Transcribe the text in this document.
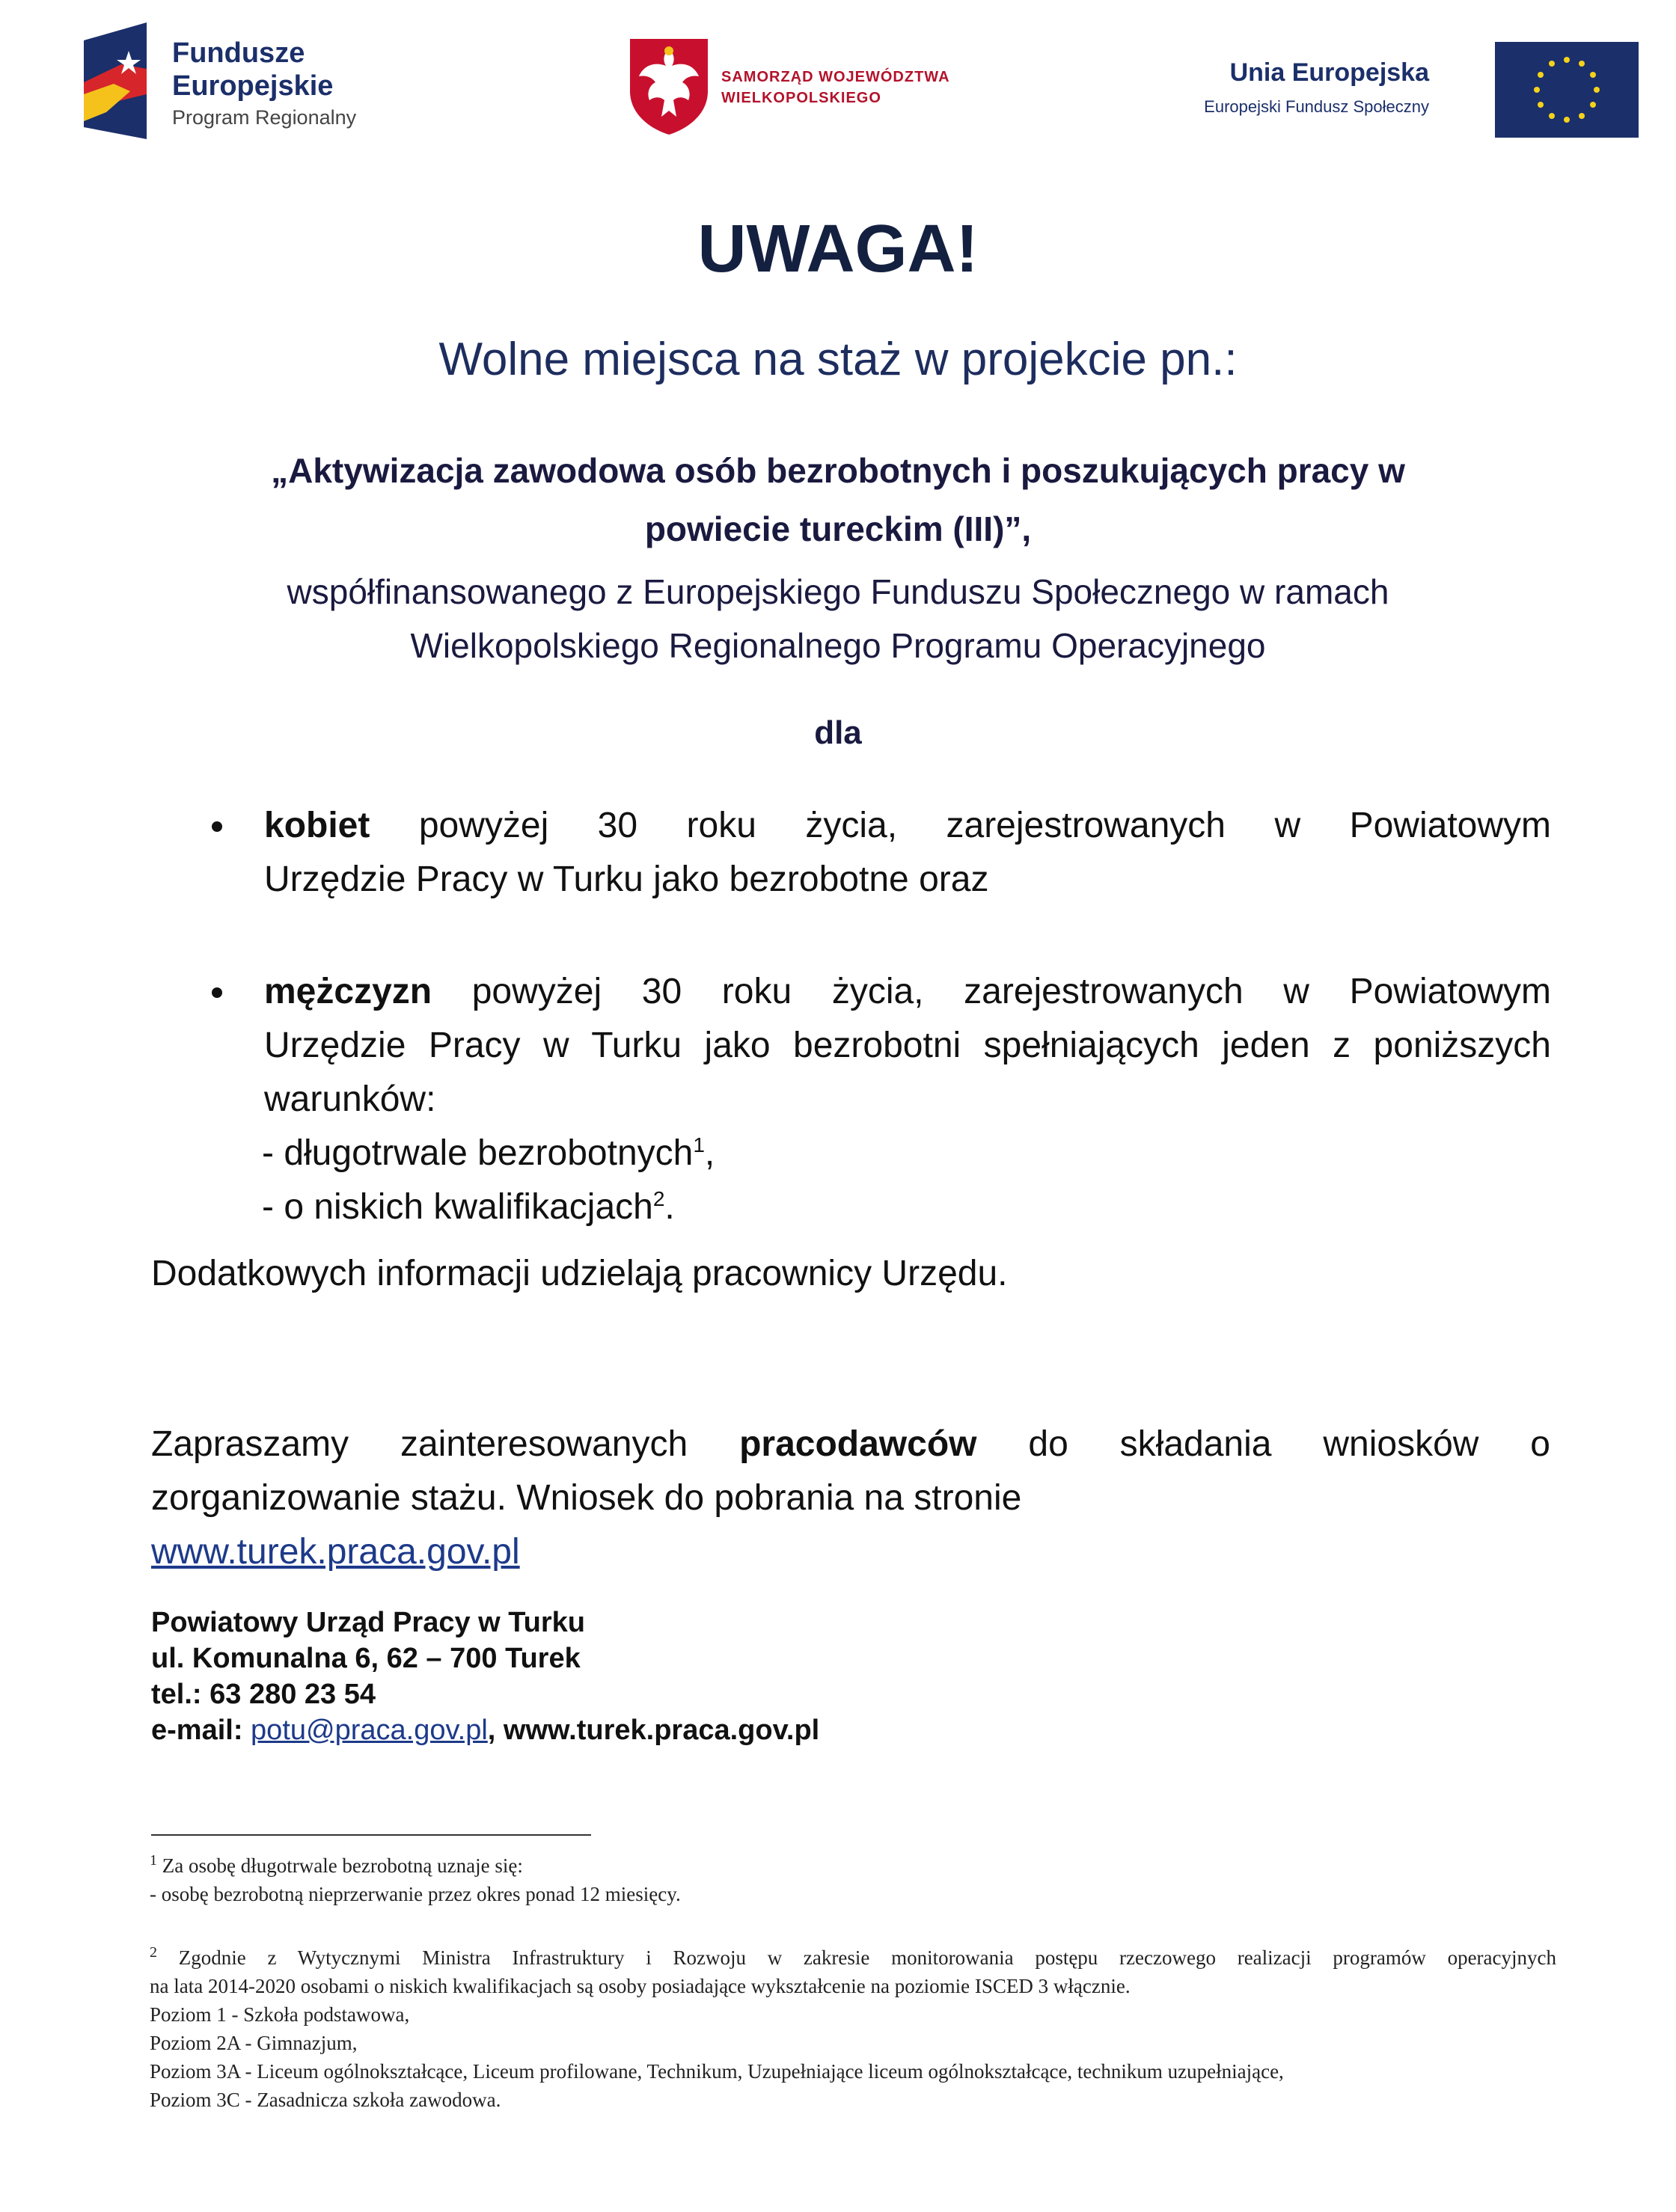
Fundusze
Europejskie
Program Regionalny
SAMORZĄD WOJEWÓDZTWA
WIELKOPOLSKIEGO
Unia Europejska
Europejski Fundusz Społeczny
UWAGA!
Wolne miejsca na staż w projekcie pn.:
„Aktywizacja zawodowa osób bezrobotnych i poszukujących pracy w
powiecie tureckim (III)”,
współfinansowanego z Europejskiego Funduszu Społecznego w ramach
Wielkopolskiego Regionalnego Programu Operacyjnego
dla
kobiet powyżej 30 roku życia, zarejestrowanych w Powiatowym
Urzędzie Pracy w Turku jako bezrobotne oraz
mężczyzn powyżej 30 roku życia, zarejestrowanych w Powiatowym
Urzędzie Pracy w Turku jako bezrobotni spełniających jeden z poniższych
warunków:
- długotrwale bezrobotnych$^1$,
- o niskich kwalifikacjach$^2$.
Dodatkowych informacji udzielają pracownicy Urzędu.
Zapraszamy zainteresowanych pracodawców do składania wniosków o zorganizowanie stażu. Wniosek do pobrania na stronie
www.turek.praca.gov.pl
Powiatowy Urząd Pracy w Turku
ul. Komunalna 6, 62 – 700 Turek
tel.: 63 280 23 54
e-mail: potu@praca.gov.pl, www.turek.praca.gov.pl
$^1$ Za osobę długotrwale bezrobotną uznaje się:
- osobę bezrobotną nieprzerwanie przez okres ponad 12 miesięcy.
$^2$ Zgodnie z Wytycznymi Ministra Infrastruktury i Rozwoju w zakresie monitorowania postępu rzeczowego realizacji programów operacyjnych
na lata 2014-2020 osobami o niskich kwalifikacjach są osoby posiadające wykształcenie na poziomie ISCED 3 włącznie.
Poziom 1 - Szkoła podstawowa,
Poziom 2A - Gimnazjum,
Poziom 3A - Liceum ogólnokształcące, Liceum profilowane, Technikum, Uzupełniające liceum ogólnokształcące, technikum uzupełniające,
Poziom 3C - Zasadnicza szkoła zawodowa.
